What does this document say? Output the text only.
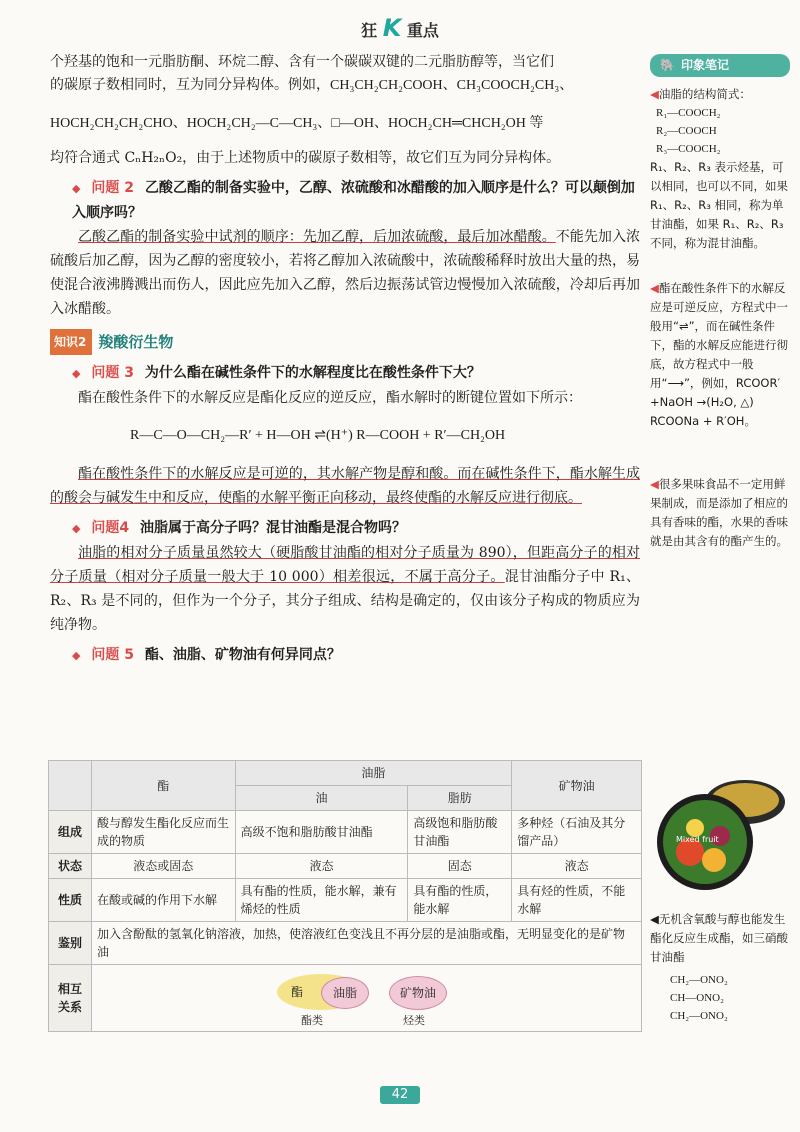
狂 K 重点

个羟基的饱和一元脂肪酮、环烷二醇、含有一个碳碳双键的二元脂肪醇等，当它们

的碳原子数相同时，互为同分异构体。例如，CH₃CH₂CH₂COOH、CH₃COOCH₂CH₃、

HOCH₂CH₂CH₂CHO、HOCH₂CH₂—C—CH₃、□—OH、HOCH₂CH═CHCH₂OH 等

均符合通式 CₙH₂ₙO₂，由于上述物质中的碳原子数相等，故它们互为同分异构体。

◆ 问题 2 乙酸乙酯的制备实验中，乙醇、浓硫酸和冰醋酸的加入顺序是什么？可以颠倒加入顺序吗？

乙酸乙酯的制备实验中试剂的顺序：先加乙醇，后加浓硫酸，最后加冰醋酸。不能先加入浓硫酸后加乙醇，因为乙醇的密度较小，若将乙醇加入浓硫酸中，浓硫酸稀释时放出大量的热，易使混合液沸腾溅出而伤人，因此应先加入乙醇，然后边振荡试管边慢慢加入浓硫酸，冷却后再加入冰醋酸。

知识2 羧酸衍生物
◆ 问题 3 为什么酯在碱性条件下的水解程度比在酸性条件下大？

酯在酸性条件下的水解反应是酯化反应的逆反应，酯水解时的断键位置如下所示：

R—C—O—CH₂—R′ + H—OH ⇌(H⁺) R—COOH + R′—CH₂OH

酯在酸性条件下的水解反应是可逆的，其水解产物是醇和酸。而在碱性条件下，酯水解生成的酸会与碱发生中和反应，使酯的水解平衡正向移动，最终使酯的水解反应进行彻底。

◆ 问题4 油脂属于高分子吗？混甘油酯是混合物吗？

油脂的相对分子质量虽然较大（硬脂酸甘油酯的相对分子质量为 890），但距高分子的相对分子质量（相对分子质量一般大于 10 000）相差很远，不属于高分子。混甘油酯分子中 R₁、R₂、R₃ 是不同的，但作为一个分子，其分子组成、结构是确定的，仅由该分子构成的物质应为纯净物。

◆ 问题 5 酯、油脂、矿物油有何异同点？
	酯	油脂		矿物油
		油	脂肪	
组成	酸与醇发生酯化反应而生成的物质	高级不饱和脂肪酸甘油酯	高级饱和脂肪酸甘油酯	多种烃（石油及其分馏产品）
状态	液态或固态	液态	固态	液态
性质	在酸或碱的作用下水解	具有酯的性质，能水解，兼有烯烃的性质	具有酯的性质，能水解	具有烃的性质，不能水解
鉴别	加入含酚酞的氢氧化钠溶液，加热，使溶液红色变浅且不再分层的是油脂或酯，无明显变化的是矿物油			
相互关系	酯 油脂 矿物油
酯类 烃类			
🐘 印象笔记
◀油脂的结构简式：
R₁—COOCH₂
R₂—COOCH
R₃—COOCH₂
R₁、R₂、R₃ 表示烃基，可以相同，也可以不同，如果 R₁、R₂、R₃ 相同，称为单甘油酯，如果 R₁、R₂、R₃ 不同，称为混甘油酯。
◀酯在酸性条件下的水解反应是可逆反应，方程式中一般用“⇌”，而在碱性条件下，酯的水解反应能进行彻底，故方程式中一般用“⟶”，例如，RCOOR′+NaOH →(H₂O, △) RCOONa + R′OH。
◀很多果味食品不一定用鲜果制成，而是添加了相应的具有香味的酯，水果的香味就是由其含有的酯产生的。
Mixed fruit
◀无机含氧酸与醇也能发生酯化反应生成酯，如三硝酸甘油酯
CH₂—ONO₂
CH—ONO₂
CH₂—ONO₂
42
